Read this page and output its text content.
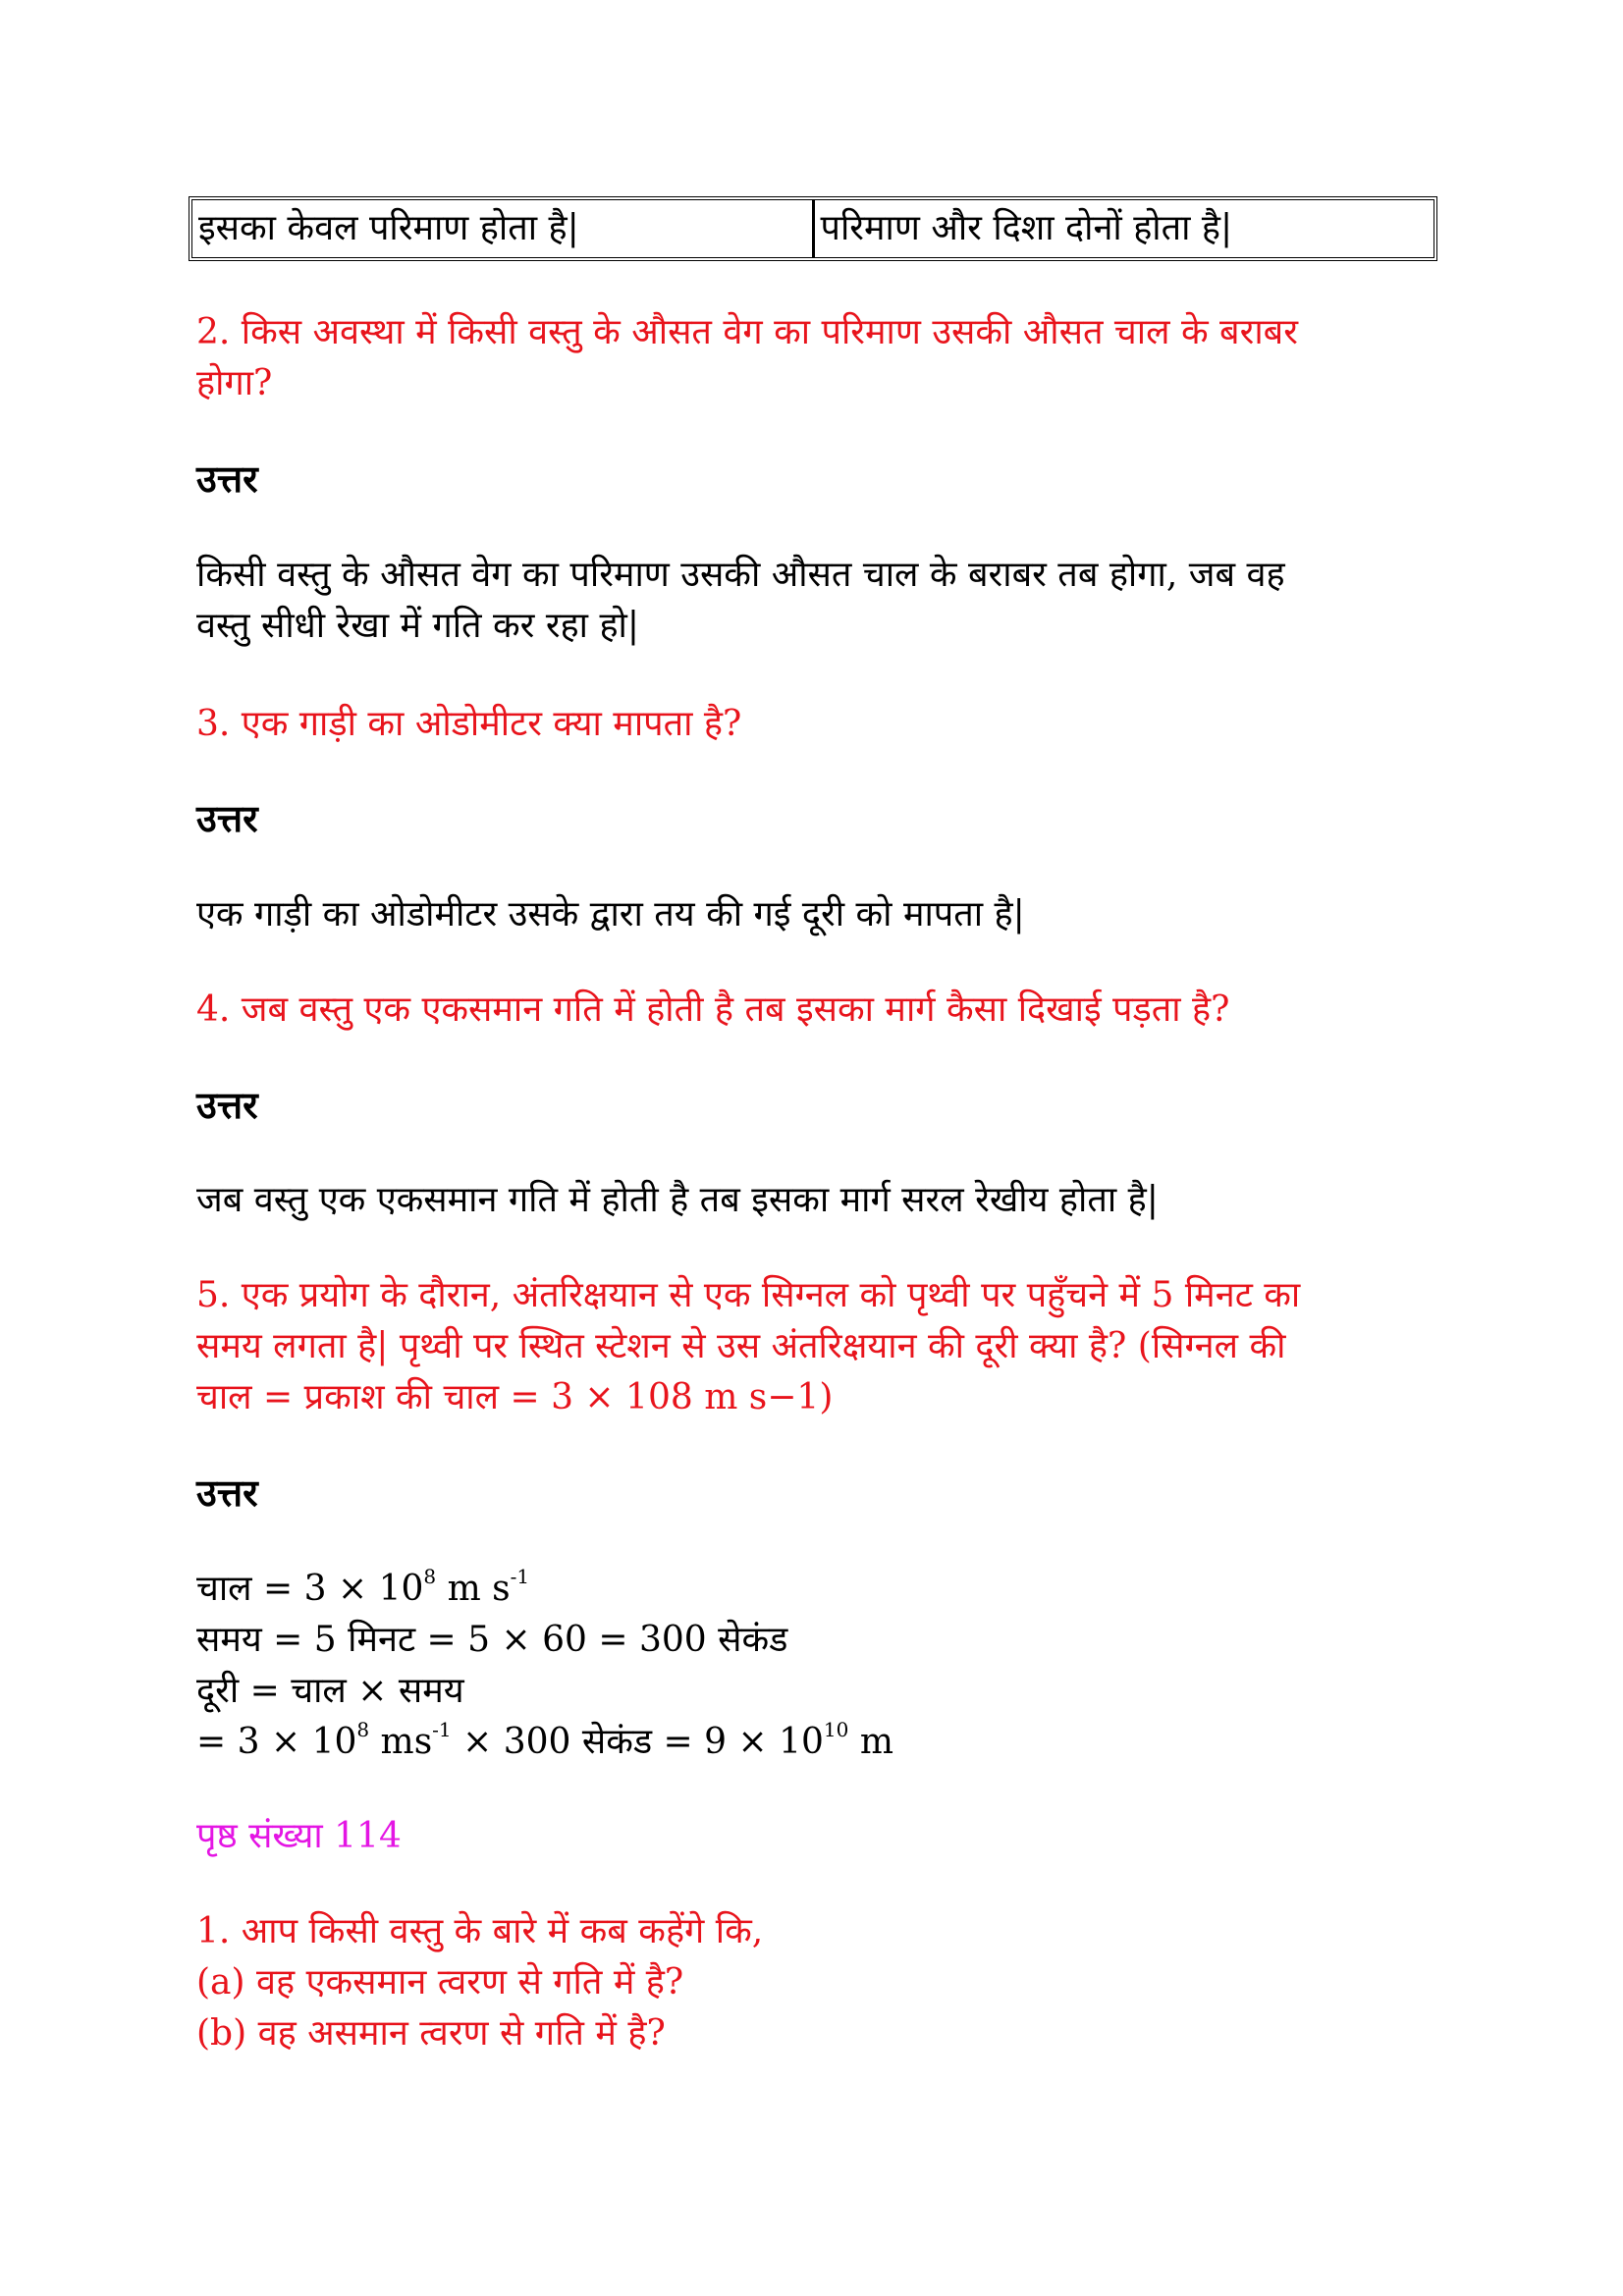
इसका केवल परिमाण होता है|	परिमाण और दिशा दोनों होता है|

2. किस अवस्था में किसी वस्तु के औसत वेग का परिमाण उसकी औसत चाल के बराबर
होगा?

उत्तर

किसी वस्तु के औसत वेग का परिमाण उसकी औसत चाल के बराबर तब होगा, जब वह
वस्तु सीधी रेखा में गति कर रहा हो|

3. एक गाड़ी का ओडोमीटर क्या मापता है?

उत्तर

एक गाड़ी का ओडोमीटर उसके द्वारा तय की गई दूरी को मापता है|

4. जब वस्तु एक एकसमान गति में होती है तब इसका मार्ग कैसा दिखाई पड़ता है?

उत्तर

जब वस्तु एक एकसमान गति में होती है तब इसका मार्ग सरल रेखीय होता है|

5. एक प्रयोग के दौरान, अंतरिक्षयान से एक सिग्नल को पृथ्वी पर पहुँचने में 5 मिनट का
समय लगता है| पृथ्वी पर स्थित स्टेशन से उस अंतरिक्षयान की दूरी क्या है? (सिग्नल की
चाल = प्रकाश की चाल = 3 × 108 m s−1)

उत्तर

चाल = $3 \times 10^8$ m $s^{-1}$
समय = 5 मिनट = 5 × 60 = 300 सेकंड
दूरी = चाल × समय
= $3 \times 10^8$ $ms^{-1} \times 300$ सेकंड = $9 \times 10^{10}$ m

पृष्ठ संख्या 114

1. आप किसी वस्तु के बारे में कब कहेंगे कि,
(a) वह एकसमान त्वरण से गति में है?
(b) वह असमान त्वरण से गति में है?
